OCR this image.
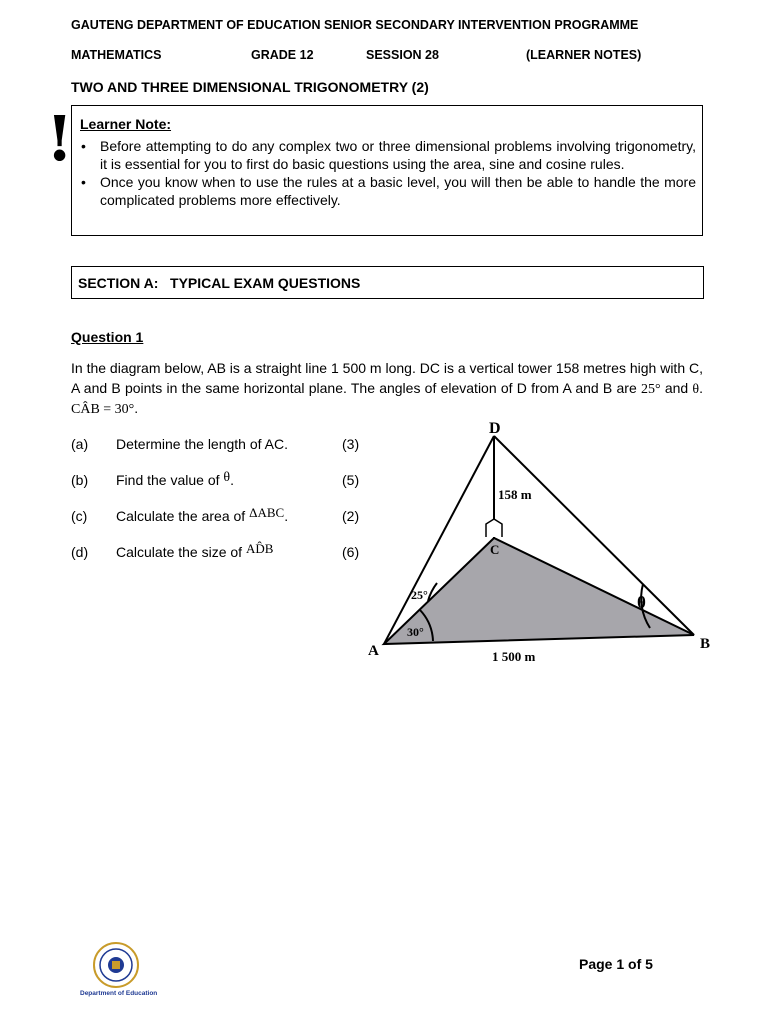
GAUTENG DEPARTMENT OF EDUCATION SENIOR SECONDARY INTERVENTION PROGRAMME
MATHEMATICS	GRADE 12	SESSION 28	(LEARNER NOTES)
TWO AND THREE DIMENSIONAL TRIGONOMETRY (2)
! Learner Note:
• Before attempting to do any complex two or three dimensional problems involving trigonometry, it is essential for you to first do basic questions using the area, sine and cosine rules.
• Once you know when to use the rules at a basic level, you will then be able to handle the more complicated problems more effectively.
SECTION A: TYPICAL EXAM QUESTIONS
Question 1
In the diagram below, AB is a straight line 1 500 m long. DC is a vertical tower 158 metres high with C, A and B points in the same horizontal plane. The angles of elevation of D from A and B are 25° and θ. CÂB = 30°.
(a) Determine the length of AC.	(3)
(b) Find the value of θ.	(5)
(c) Calculate the area of ΔABC.	(2)
(d) Calculate the size of AD̂B	(6)
D
C
A	B
158 m
1 500 m
25°
30°
θ
Department of Education
Page 1 of 5
